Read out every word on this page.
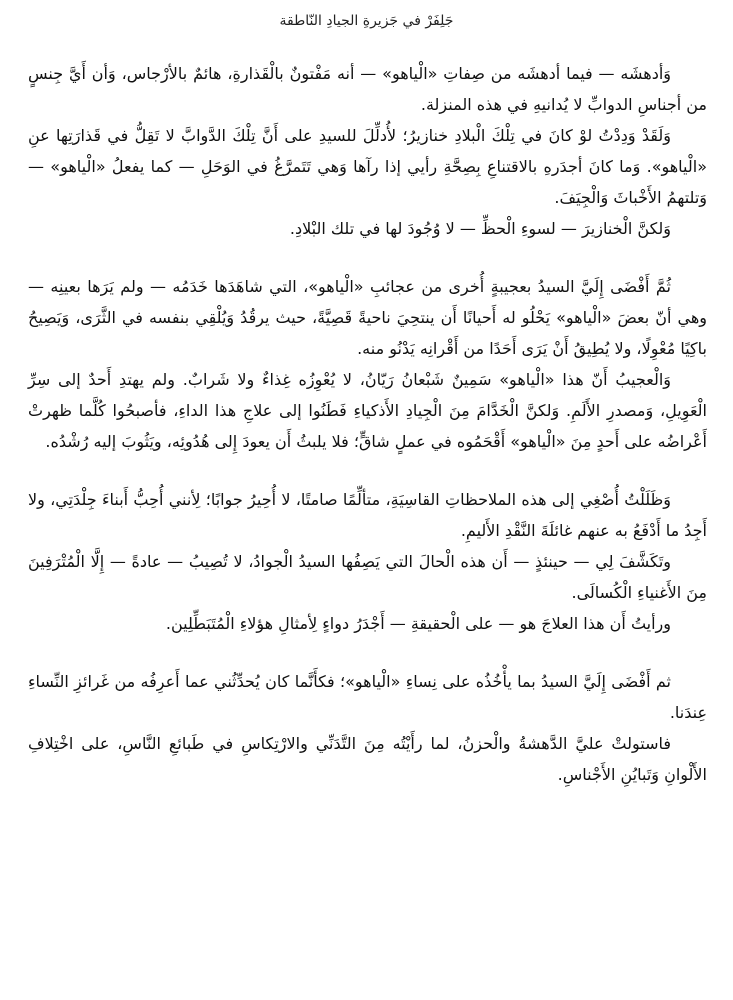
جَلِفَرْ في جَزيرةِ الجيادِ النّاطقة

وَأدهشَه — فيما أدهشَه من صِفاتِ «الْياهو» — أنه مَفْتونٌ بالْقَذارةِ، هائمٌ بالأرْجاس، وَأن أَيَّ جِنسٍ من أجناسِ الدوابِّ لا يُدانيهِ في هذه المنزلة.

وَلَقَدْ وَدِدْتُ لوْ كانَ في تِلْكَ الْبلادِ خنازيرُ؛ لأُدلِّلَ للسيدِ على أَنَّ تِلْكَ الدَّوابَّ لا تَقِلُّ في قَذارَتِها عنِ «الْياهو». وَما كانَ أجدَرهِ بالاقتناعِ بِصِحَّةِ رأيي إذا رآها وَهي تَتَمرَّغُ في الوَحَلِ — كما يفعلُ «الْياهو» — وَتلتهمُ الأَخْباثَ وَالْجِيَفَ.

وَلكنَّ الْخنازيرَ — لسوءِ الْحظِّ — لا وُجُودَ لها في تلك البْلادِ.

ثُمَّ أَفْضَى إِلَيَّ السيدُ بعجيبةٍ أُخرى من عجائبِ «الْياهو»، التي شاهَدَها خَدَمُه — ولم يَرَها بعينِه — وهي أنّ بعضَ «الْياهو» يَحْلُو له أَحيانًا أَن ينتحِيَ ناحيةً قَصِيَّةً، حيث يرقُدُ وَيُلْقِي بنفسه في الثَّرَى، وَيَصِيحُ باكِيًا مُعْوِلًا، ولا يُطِيقُ أَنْ يَرَى أَحَدًا من أَقْرانِه يَدْنُو منه.

وَالْعجيبُ أَنّ هذا «الْياهو» سَمِينٌ شَبْعانُ رَيّانُ، لا يُعْوِزُه غِذاءٌ ولا شَرابٌ. ولم يهتدِ أَحدٌ إلى سِرِّ الْعَوِيلِ، وَمصدرِ الأَلَمِ. وَلكنَّ الْخَدَّامَ مِنَ الْجِيادِ الأَذكياءِ فَطَنُوا إلى علاجِ هذا الداءِ، فأصبحُوا كُلَّما ظهرتْ أَعْراضُه على أَحدٍ مِنَ «الْياهو» أَقْحَمُوه في عملٍ شاقٍّ؛ فلا يلبثُ أَن يعودَ إِلى هُدُوئِه، ويَثُوبَ إليه رُشْدُه.

وَظَلَلْتُ أُصْغِي إلى هذه الملاحظاتِ القاسِيَةِ، متألِّمًا صامتًا، لا أُحِيرُ جوابًا؛ لِأنني أُحِبُّ أَبناءَ جِلْدَتِي، ولا أَجِدُ ما أَدْفَعُ به عنهم غائلَةَ النَّقْدِ الأَليمِ.

وتَكَشَّفَ لِي — حينئذٍ — أَن هذه الْحالَ التي يَصِفُها السيدُ الْجوادُ، لا تُصِيبُ — عادةً — إِلَّا الْمُتْرَفِينَ مِنَ الأَغنياءِ الْكُسالَى.

ورأيتُ أَن هذا العلاجَ هو — على الْحقيقةِ — أَجْدَرُ دواءٍ لِأمثالِ هؤلاءِ الْمُتَبَطِّلِين.

ثم أَفْضَى إِلَيَّ السيدُ بما يأْخُذُه على نِساءِ «الْياهو»؛ فكأَنَّما كان يُحدِّثُني عما أَعرِفُه من غَرائزِ النِّساءِ عِندَنا.

فاستولتْ عليَّ الدَّهشةُ والْحزنُ، لما رأَيْتُه مِنَ التَّدَنِّي والارْتِكاسِ في طَبائعِ النَّاسِ، على اخْتِلافِ الأَلْوانِ وَتَبايُنِ الأَجْناسِ.
